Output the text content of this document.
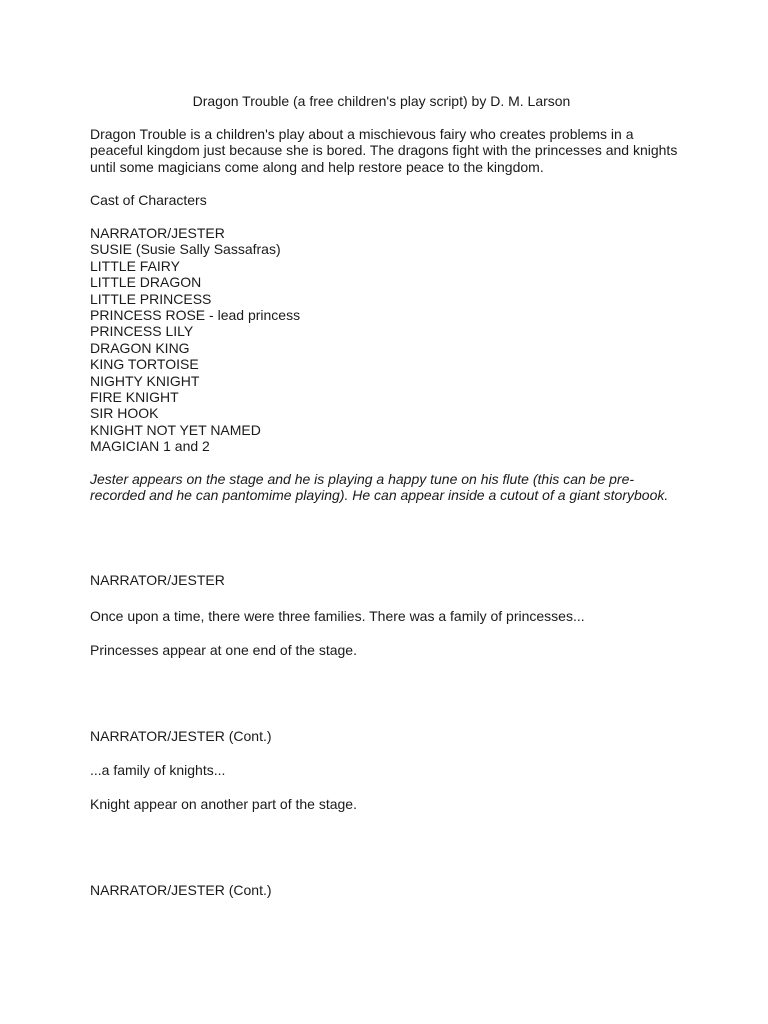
Dragon Trouble (a free children's play script) by D. M. Larson
Dragon Trouble is a children's play about a mischievous fairy who creates problems in a
peaceful kingdom just because she is bored. The dragons fight with the princesses and knights
until some magicians come along and help restore peace to the kingdom.
Cast of Characters
NARRATOR/JESTER
SUSIE (Susie Sally Sassafras)
LITTLE FAIRY
LITTLE DRAGON
LITTLE PRINCESS
PRINCESS ROSE - lead princess
PRINCESS LILY
DRAGON KING
KING TORTOISE
NIGHTY KNIGHT
FIRE KNIGHT
SIR HOOK
KNIGHT NOT YET NAMED
MAGICIAN 1 and 2
Jester appears on the stage and he is playing a happy tune on his flute (this can be pre-
recorded and he can pantomime playing). He can appear inside a cutout of a giant storybook.
NARRATOR/JESTER
Once upon a time, there were three families. There was a family of princesses...
Princesses appear at one end of the stage.
NARRATOR/JESTER (Cont.)
...a family of knights...
Knight appear on another part of the stage.
NARRATOR/JESTER (Cont.)
